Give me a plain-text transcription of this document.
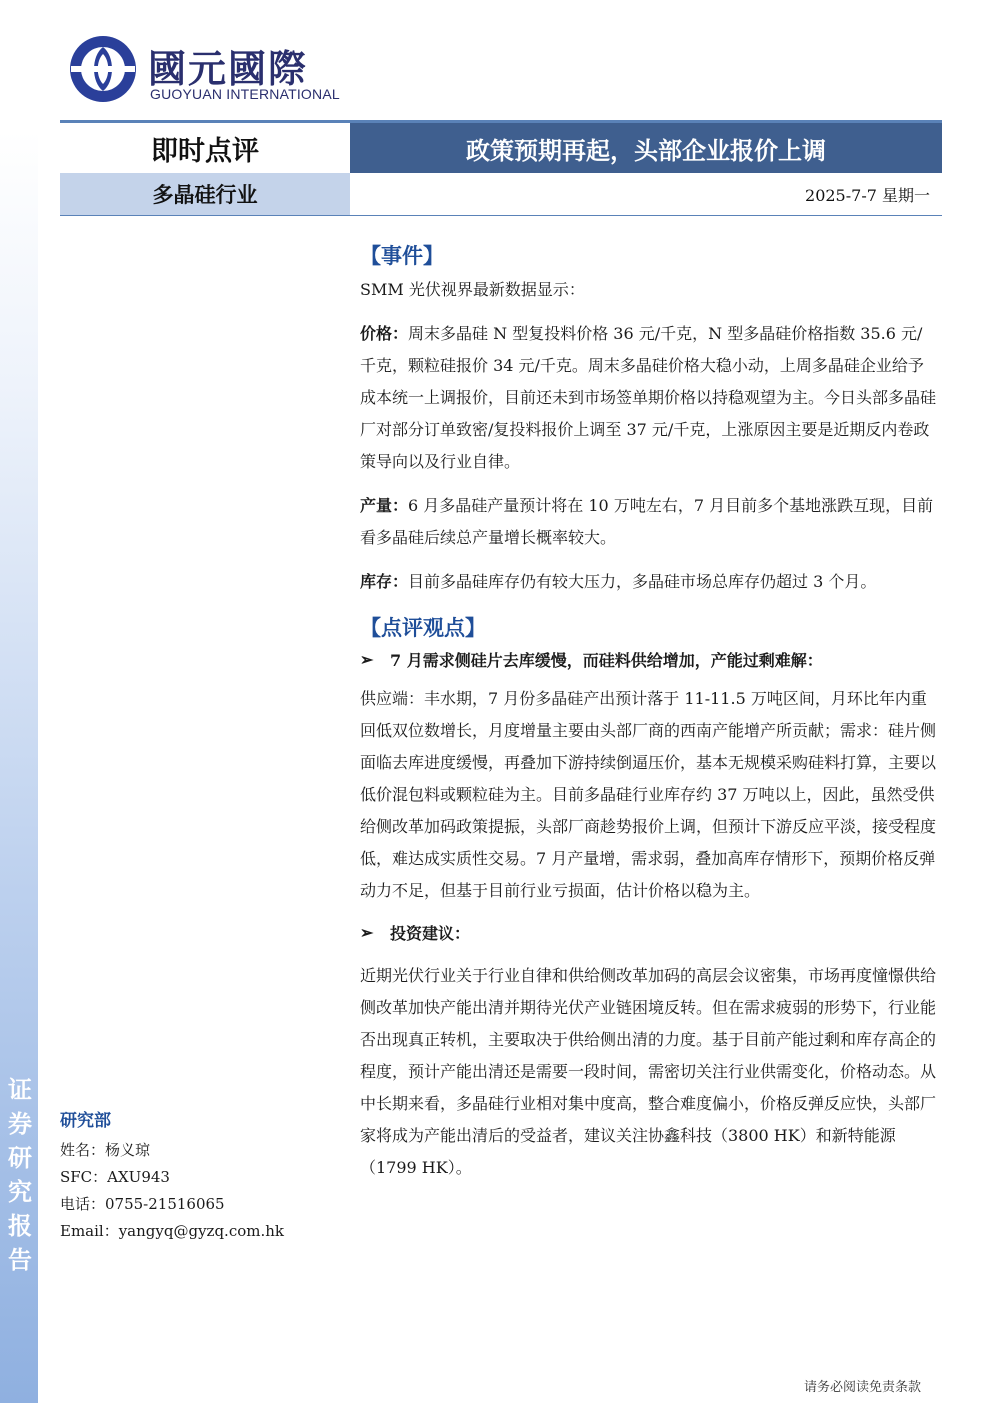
证
券
研
究
报
告
國元國際
GUOYUAN INTERNATIONAL
即时点评	政策预期再起，头部企业报价上调
多晶硅行业	2025-7-7 星期一

【事件】

SMM 光伏视界最新数据显示：

价格：周末多晶硅 N 型复投料价格 36 元/千克，N 型多晶硅价格指数 35.6 元/千克，颗粒硅报价 34 元/千克。周末多晶硅价格大稳小动，上周多晶硅企业给予成本统一上调报价，目前还未到市场签单期价格以持稳观望为主。今日头部多晶硅厂对部分订单致密/复投料报价上调至 37 元/千克，上涨原因主要是近期反内卷政策导向以及行业自律。

产量：6 月多晶硅产量预计将在 10 万吨左右，7 月目前多个基地涨跌互现，目前看多晶硅后续总产量增长概率较大。

库存：目前多晶硅库存仍有较大压力，多晶硅市场总库存仍超过 3 个月。

【点评观点】

➢	7 月需求侧硅片去库缓慢，而硅料供给增加，产能过剩难解：

供应端：丰水期，7 月份多晶硅产出预计落于 11-11.5 万吨区间，月环比年内重回低双位数增长，月度增量主要由头部厂商的西南产能增产所贡献；需求：硅片侧面临去库进度缓慢，再叠加下游持续倒逼压价，基本无规模采购硅料打算，主要以低价混包料或颗粒硅为主。目前多晶硅行业库存约 37 万吨以上，因此，虽然受供给侧改革加码政策提振，头部厂商趁势报价上调，但预计下游反应平淡，接受程度低，难达成实质性交易。7 月产量增，需求弱，叠加高库存情形下，预期价格反弹动力不足，但基于目前行业亏损面，估计价格以稳为主。

➢	投资建议：

近期光伏行业关于行业自律和供给侧改革加码的高层会议密集，市场再度憧憬供给侧改革加快产能出清并期待光伏产业链困境反转。但在需求疲弱的形势下，行业能否出现真正转机，主要取决于供给侧出清的力度。基于目前产能过剩和库存高企的程度，预计产能出清还是需要一段时间，需密切关注行业供需变化，价格动态。从中长期来看，多晶硅行业相对集中度高，整合难度偏小，价格反弹反应快，头部厂家将成为产能出清后的受益者，建议关注协鑫科技（3800 HK）和新特能源（1799 HK）。

研究部
姓名：杨义琼
SFC：AXU943
电话：0755-21516065
Email：yangyq@gyzq.com.hk
请务必阅读免责条款
